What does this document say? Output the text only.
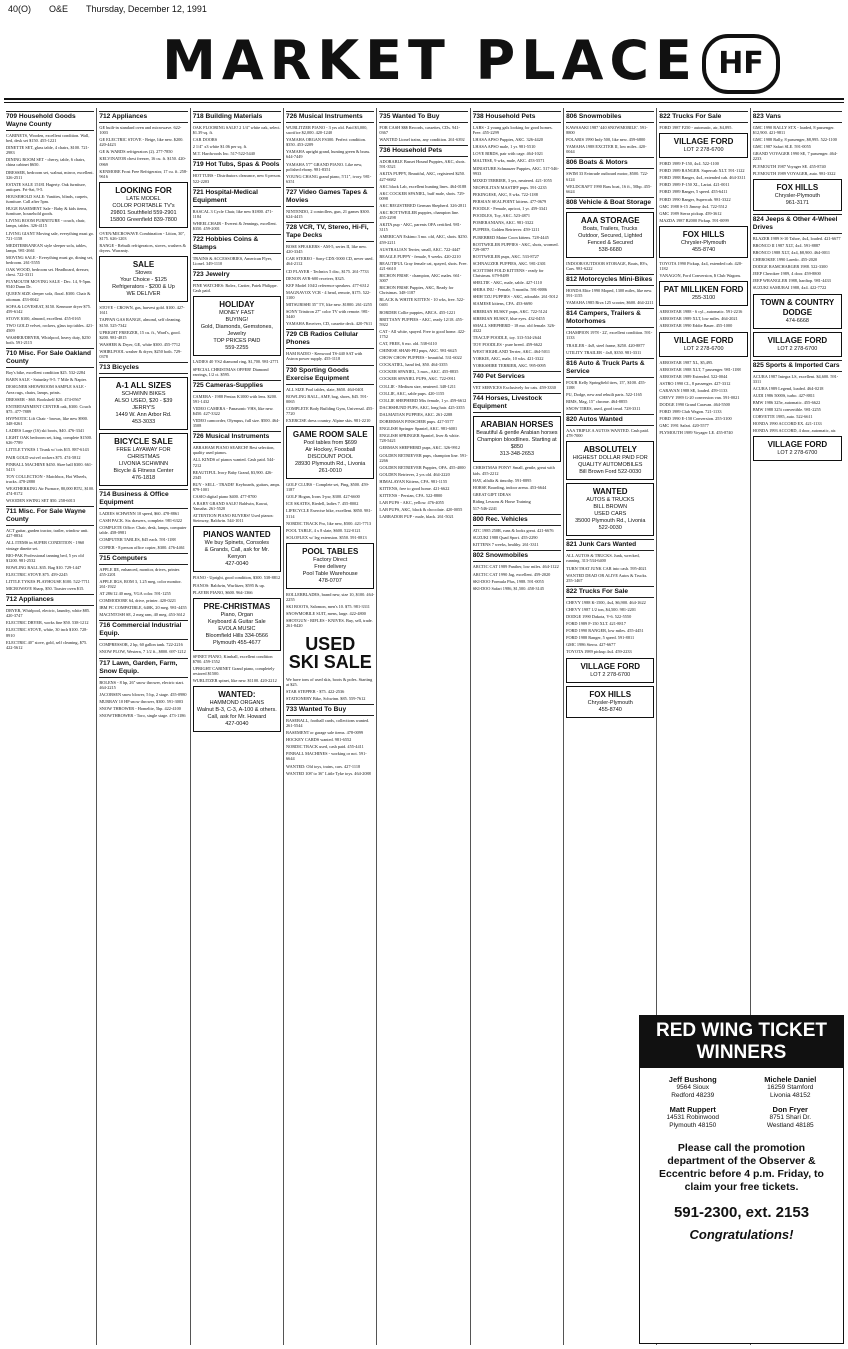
40(O) O&E Thursday, December 12, 1991
MARKET PLACE HF
709 Household Goods Wayne County
CABINETS, Wooden, excellent condition. Wall, bed, desk set $150. 455-1221
DINETTE SET, glass table, 4 chairs, $100. 721-2983
DINING ROOM SET - cherry, table, 6 chairs, china cabinet $650.
DRESSER, bedroom set, walnut, mirror, excellent. 326-2511
ESTATE SALE 15181 Hagerty. Oak furniture, antiques. Fri-Sat, 9-5.
HOUSEHOLD SALE: Vanities, blinds, carpets, furniture. Call after 5pm.
HUGE BASEMENT Sale - Baby & kids items, furniture, household goods.
LIVING ROOM FURNITURE - couch, chair, lamps, tables. 326-4115
LIVING GIANT Moving sale, everything must go. 721-1158
MEDITERRANEAN style sleeper sofa, tables, lamps. 981-2661
MOVING SALE - Everything must go, dining set, bedroom. 261-5555
OAK WOOD, bedroom set. Headboard, dresser, chest. 722-3311
PLYMOUTH MOVING SALE - Dec. 14, 9-5pm. 9540 Dunn Dr.
QUEEN SIZE sleeper sofa, floral. $300. Chair & ottoman. 453-0042
SOFA & LOVESEAT, $150. Kenmore dryer $75. 459-6142
STOVE $100, almond, excellent. 455-0165
TWO GOLD velvet, rockers, glass top tables. 421-4509
WASHER/DRYER, Whirlpool, heavy duty, $250 both. 591-2115
710 Misc. For Sale Oakland County
Boy's bike, excellent condition $25. 532-2284
BARN SALE - Saturday 9-5. 7 Mile & Napier.
DESIGNER SHOWROOM SAMPLE SALE - Area rugs, chairs, lamps, prints.
DRESSER - $60. Bookshelf $20. 474-0567
ENTERTAINMENT CENTER oak, $300. Couch $75. 477-7889
HYPNOTIC Lift Chair - brown, like new $900. 348-0261
LADIES Large (16) ski boots, $40. 476-3341
LIGHT OAK bedroom set, king, complete $1500. 626-7789
LITTLE TYKES 1 Trunk w/ tots $15. 887-6143
PAIR GOLD swivel rockers $75. 474-5812
PINBALL MACHINE $450. Skee ball $300. 661-5413
TOY COLLECTION - Matchbox, Hot Wheels, trucks. 478-2880
WEATHERKING Air Furnace, 80,000 BTU, $100. 474-8172
WOODEN SWING SET $50. 258-6013
711 Misc. For Sale Wayne County
ACT guitar, garden tractor, trailer, window unit. 427-8834
ALL ITEMS in SUPER CONDITION - 1960 vintage dinette set.
BIO-PAK Professional tanning bed, 5 yrs old $1200. 981-2532
BOWLING BALL $35. Bag $10. 729-1447
ELECTRIC STOVE $75. 459-2245
LITTLE TYKES PLAYHOUSE $100. 522-7711
MICROWAVE Sharp, $50. Toaster oven $15.
712 Appliances
DRYER, Whirlpool, electric, laundry, white $85. 420-3747
ELECTRIC DRYER, works fine $50. 538-1212
ELECTRIC STOVE, white, 30 inch $100. 728-8910
ELECTRIC 40" stove, gold, self cleaning, $75. 422-5612
712 Appliances
GE built-in standard oven and microwave. 622-1003
GE ELECTRIC STOVE - Beige, like new. $200. 420-4423
GE & WARDS refrigerators (2). 277-7850
KELVINATOR chest freezer, 16 cu. ft. $150. 420-0969
KENMORE Frost Free Refrigerator, 17 cu. ft. 258-9616
LOOKING FOR
LATE MODEL
COLOR PORTABLE TV's
29801 Southfield 559-2901
15800 Greenfield 839-7800
OVEN/MICROWAVE Combination - Litton, 30", $175. 626-1203
RANGE - Rebuilt refrigerators, stoves, washers & dryers. Warranty.
SALE
Stoves
Your Choice - $125
Refrigerators - $200 & Up
WE DELIVER
STOVE - CROWN, gas, harvest gold. $100. 427-1611
TAPPAN GAS RANGE, almond, self cleaning. $150. 525-7342
UPRIGHT FREEZER, 15 cu. ft., Ward's, good. $200. 981-4815
WASHER & Dryer, GE, white $300. 455-7712
WHIRLPOOL washer & dryer, $250 both. 729-0378
713 Bicycles
A-1 ALL SIZES
SCHWINN BIKES
ALSO USED, $20 - $39
JERRY'S
1449 W. Ann Arbor Rd.
453-3033
BICYCLE SALE
FREE LAYAWAY FOR CHRISTMAS
LIVONIA SCHWINN
Bicycle & Fitness Center
476-1818
714 Business & Office Equipment
LADIES SCHWINN 10 speed, $60. 478-8861
CASH PACK. Six drawers, complete. 981-6322
COMPLETE Office: Chair, desk, lamps, computer table. 458-0981
COMPUTER TABLES, $45 each. 591-1188
COPIER - 8 person office copier, $300. 476-4461
715 Computers
APPLE IIE, enhanced, monitor, drives, printer. 455-2201
APPLE IIGS, ROM 3, 1.25 meg, color monitor. 261-1922
AT 286/12 40 meg, VGA color. 591-1255
COMMODORE 64, drive, printer. 420-0221
IBM PC COMPATIBLE, 640K, 20 meg. 981-4455
MACINTOSH SE, 2 meg ram, 40 meg. 453-3612
716 Commercial Industrial Equip.
COMPRESSOR, 2 hp, 60 gallon tank. 722-2216
SNOW PLOW, Western, 7 1/2 ft., $800. 697-1212
717 Lawn, Garden, Farm, Snow Equip.
BOLENS - 8 hp, 26" snow thrower, electric start. 464-2215
JACOBSEN snow blower, 5 hp, 2 stage. 455-0980
MURRAY 10 HP snow thrower, $300. 591-3003
SNOW THROWER - Homelite, 5hp. 422-4100
SNOWTHROWER - Toro, single stage. 473-1186
718 Building Materials
OAK FLOORING SALE! 2 1/4" white oak, select. $1.39 sq. ft.
CAR DOORS
2 1/4" x3 white $1.06 per sq. ft.
M.T. Hardwoods Inc. 517-522-5440
719 Hot Tubs, Spas & Pools
HOT TUBS - Distributors clearance, new 6 person. 522-2203
721 Hospital-Medical Equipment
RASCAL 3 Cycle Chair, like new $1800. 471-1184
WHEELCHAIR - Everest & Jennings, excellent. $350. 459-2001
722 Hobbies Coins & Stamps
TRAINS & ACCESSORIES, American Flyer, Lionel. 349-1110
723 Jewelry
FINE WATCHES: Rolex, Cartier, Patek Philippe. Cash paid.
HOLIDAY
MONEY FAST
BUYING!
Gold, Diamonds, Gemstones, Jewelry
TOP PRICES PAID
559-2255
LADIES 40 VS2 diamond ring, $1,700. 981-2771
SPECIAL CHRISTMAS OFFER! Diamond earrings, 1/2 ct. $595.
725 Cameras-Supplies
CAMERA - 1988 Pentax K1000 with lens. $200. 591-1432
VIDEO CAMERA - Panasonic VHS, like new. $450. 427-3322
VIDEO camcorder, Olympus, full size. $500. 464-3508
726 Musical Instruments
ABRAHAM PIANO SEARCH! Best selection, quality used pianos.
ALL KINDS of pianos wanted. Cash paid. 544-7212
BEAUTIFUL Ivory Baby Grand, $3,900. 426-2345
BUY - SELL - TRADE! Keyboards, guitars, amps. 879-1001
CASIO digital piano $400. 477-8700
A BABY GRAND SALE! Baldwin, Kawai, Yamaha. 261-5520
ATTENTION PIANO BUYERS! Used pianos: Steinway, Baldwin. 544-1011
PIANOS WANTED
We buy Spinets, Consoles
& Grands, Call, ask for Mr. Kenyon
427-0040
PIANO - Upright, good condition, $300. 538-8812
PIANOS: Baldwin, Wurlitzer, $595 & up.
PLAYER PIANO, $600. 964-1366
PRE-CHRISTMAS
Piano, Organ
Keyboard & Guitar Sale
EVOLA MUSIC
Bloomfield Hills 334-0566
Plymouth 455-4677
SPINET PIANO, Kimball, excellent condition $700. 459-1552
UPRIGHT CABINET Grand piano, completely restored $1500.
WURLITZER spinet, like new. $1100. 420-2212
WANTED:
HAMMOND ORGANS
Walnut B-3, C-3, A-100 & others. Call, ask for Mr. Howard
427-0040
726 Musical Instruments
WURLITZER PIANO - 3 yrs old. Paid $3,000, sacrifice $2,000. 420-1240
YAMAHA ORGAN FS300. Perfect condition. $350. 453-2209
YAMAHA upright grand, hunting green & brass. 644-7449
YAMAHA 5'7" GRAND PIANO. Like new, polished ebony. 981-8351
YOUNG CHANG grand piano, 5'11", ivory. 981-6351
727 Video Games Tapes & Movies
NINTENDO, 2 controllers, gun, 21 games $300. 624-4415
728 VCR, TV, Stereo, Hi-Fi, Tape Decks
BOSE SPEAKERS - AM-5, series II, like new. 420-3345
CAR STEREO - Sony CDX-5000 CD, never used. 464-2112
CD PLAYER - Technics 5 disc, $175. 261-7733
DENON AVR-600 receiver, $325.
KEF Model 104/2 reference speakers. 477-6312
MAGNAVOX VCR - 4 head, remote, $175. 522-1100
MITSUBISHI 35" TV, like new. $1800. 261-2255
SONY Trinitron 27" color TV with remote. 981-3440
YAMAHA Receiver, CD, cassette deck. 420-7611
729 CB Radios Cellular Phones
HAM RADIO - Kenwood TS-440 SAT with Astron power supply. 455-1118
730 Sporting Goods Exercise Equipment
ALL SIZE Pool tables, slate, $650. 464-0401
BOWLING BALL, AMF, bag, shoes, $45. 591-0065
COMPLETE Body Building Gym, Universal. 455-7720
EXERCISE dress country. Alpine skis. 981-2210
GAME ROOM SALE
Pool tables from $699
Air Hockey, Foosball
DISCOUNT POOL
28930 Plymouth Rd., Livonia
261-0010
GOLF CLUBS - Complete set, Ping, $500. 459-1187
GOLF Hogan, Irons 3-pw, $300. 427-6600
ICE SKATES, Riedell, ladies 7. 455-8002
LIFECYCLE Exercise bike, excellent. $850. 981-3114
NORDIC TRACK Pro, like new, $500. 421-7713
POOL TABLE, 4 x 8 slate, $600. 522-0121
SOLOFLEX w/ leg extension. $550. 591-8813
POOL TABLES
Factory Direct
Free delivery
Pool Table Warehouse
478-0707
ROLLERBLADES, brand new, size 10, $100. 464-2255
SKI BOOTS, Salomon, men's 10. $75. 981-3311
SNOWMOBILE SUIT, mens, large. 422-4800
SHOTGUN - RIFLES - KNIVES. Buy, sell, trade. 261-8420
USED
SKI SALE
We have tons of used skis, boots & poles. Starting at $25.
STAR STEPPER - $75. 422-2536
STATIONERY Bike, Schwinn. $85. 559-7612
733 Wanted To Buy
BASEBALL, football cards, collections wanted. 261-5544
BASEMENT or garage sale items. 478-0099
HOCKEY CARDS wanted. 981-6552
NORDIC TRACK used, cash paid. 455-4411
PINBALL MACHINES - working or not. 591-6644
WANTED: Old toys, trains, cars. 427-1118
WANTED 108' to 36" Little Tyke toys. 464-2088
735 Wanted To Buy
FOR CASH $$$ Records, cassettes, CDs. 941-0367
WANTED Lionel trains, any condition. 261-6392
736 Household Pets
ADORABLE Basset Hound Puppies, AKC, shots. 591-3521
AKITA PUPPY, Beautiful, AKC, registered $250. 427-6682
AKC black Lab, excellent hunting lines. 464-0188
AKC COCKER SPANIEL, buff male, shots. 729-0098
AKC REGISTERED German Shepherd. 326-2811
AKC ROTTWEILER puppies, champion line. 455-2298
AKITA pup - AKC, parents OFA certified. 981-3115
AMERICAN Eskimo 3 mo. old, AKC, shots. $250. 459-2211
AUSTRALIAN Terrier, small, AKC. 722-4447
BEAGLE PUPPY - female, 9 weeks. 420-2210
BEAUTIFUL Gray female cat, spayed, shots. Free. 421-6610
BICHON FRISE - champion, AKC males. 661-3007
BICHON FRISE Puppies, AKC, Ready for Christmas. 348-1187
BLACK & WHITE KITTEN - 10 wks, free. 522-0401
BORDER Collie puppies, ABCA. 455-1221
BRITTANY PUPPIES - AKC, ready 12/18. 455-5922
CAT - All white, spayed. Free to good home. 422-1752
CAT, FREE, 6 mo. old. 538-6110
CHINESE SHAR-PEI pups, AKC. 981-6625
CHOW CHOW PUPPIES - beautiful. 531-6022
COCKATIEL, hand fed, $50. 464-3355
COCKER SPANIEL, 3 mos., AKC. 455-8835
COCKER SPANIEL PUPS, AKC. 722-0911
COLLIE - Medium size, neutered. 348-1211
COLLIE, AKC, sable pups. 420-1155
COLLIE SHEPHERD Mix female, 1 yr. 459-6612
DACHSHUND PUPS, AKC, long hair. 425-3355
DALMATIAN PUPPIES, AKC. 261-2288
DOBERMAN PINSCHER pups. 427-5577
ENGLISH Springer Spaniel, AKC. 981-6001
ENGLISH SPRINGER Spaniel, liver & white. 728-5421
GERMAN SHEPHERD pups, AKC. 326-9912
GOLDEN RETRIEVER pups, champion line. 591-2266
GOLDEN RETRIEVER Puppies, OFA. 455-4000
GOLDEN Retriever, 2 yrs old. 464-2220
HIMALAYAN Kittens, CFA. 981-1155
KITTENS, free to good home. 421-6622
KITTENS - Persian, CFA. 522-8800
LAB PUPS - AKC, yellow. 476-4055
LAB PUPS, AKC, black & chocolate. 420-0055
LABRADOR PUP - male, black. 261-5021
738 Household Pets
LABS - 2 young gals looking for good homes. Free. 455-2299
LHASA APSO Puppies, AKC. 326-4420
LHASA APSO male, 1 yr. 981-5510
LOVE BIRDS, pair with cage. 464-1021
MALTESE, 9 wks, male, AKC. 453-5571
MINIATURE Schnauzer Puppies, AKC. 517-546-9933
MIXED TERRIER, 3 yrs, neutered. 421-1055
NEOPOLITAN MASTIFF pups. 591-2235
PEKINGESE, AKC, 8 wks. 722-1188
PERSIAN SEALPOINT kittens. 477-0679
POODLE - Female, apricot, 1 yr. 459-3341
POODLES, Toy, AKC. 523-4871
POMERANIANS, AKC. 981-3322
PUPPIES, Golden Retriever. 459-1211
PUREBRED Maine Coon kittens. 728-4445
ROTTWEILER PUPPIES - AKC, shots, wormed. 729-0877
ROTTWEILER pups, AKC. 533-8727
SCHNAUZER PUPPIES, AKC. 981-2301
SCOTTISH FOLD KITTENS - ready for Christmas. 679-8489
SHELTIE - AKC, male, sable. 427-1110
SHIBA INU - Female, 5 months. 591-8886
SHIH TZU PUPPIES - AKC, adorable. 261-5012
SIAMESE kittens, CFA. 453-6690
SIBERIAN HUSKY pups, AKC. 722-5124
SIBERIAN HUSKY, blue eyes. 432-0455
SMALL SHEPHERD - 18 mo. old female. 326-4322
TEACUP POODLE, toy. 313-534-2644
TOY POODLES - pure breed. 459-6622
WEST HIGHLAND Terrier, AKC. 464-5011
YORKIE, AKC, male, 10 wks. 421-3322
YORKSHIRE TERRIER, AKC. 995-0095
740 Pet Services
VET SERVICES Exclusively for cats. 459-3330
744 Horses, Livestock Equipment
ARABIAN HORSES
Beautiful & gentle Arabian horses
Champion bloodlines. Starting at $850
313-348-2653
CHRISTMAS PONY! Small, gentle, great with kids. 455-2212
HAY, alfalfa & timothy. 591-8895
HORSE Boarding, indoor arena. 453-6644
GREAT GIFT IDEAS
Riding Lessons & Horse Training
517-546-2241
800 Rec. Vehicles
ATC 1985 250R, runs & looks great. 421-6676
SUZUKI 1988 Quad Sport. 455-2290
KITTENS 7 weeks, healthy. 261-3311
802 Snowmobiles
ARCTIC CAT 1989 Panther, low miles. 464-1122
ARCTIC CAT 1990 Jag, excellent. 459-2020
SKI-DOO Formula Plus, 1988. 591-0055
SKI-DOO Safari 1986, $1,500. 458-3145
806 Snowmobiles
KAWASAKI 1987 '440 SNOWMOBILE'. 591-8800
POLARIS 1990 Indy 500, like new. 459-6800
YAMAHA 1988 EXCITER II, low miles. 420-0044
806 Boats & Motors
SWIM 33 Evinrude outboard motor, $500. 722-6124
WELDCRAFT 1990 Bass boat, 16 ft., 50hp. 455-6624
808 Vehicle & Boat Storage
AAA STORAGE
Boats, Trailers, Trucks
Outdoor, Secured, Lighted
Fenced & Secured
538-6680
INDOOR/OUTDOOR STORAGE, Boats, RVs, Cars. 981-6222
812 Motorcycles Mini-Bikes
HONDA Elite 1990 Moped, 1300 miles, like new. 591-1155
YAMAHA 1985 Riva 125 scooter, $600. 464-2211
814 Campers, Trailers & Motorhomes
CHAMPION 1978 - 22', excellent condition. 591-1133
TRAILER - 4x8, steel frame, $250. 420-8877
UTILITY TRAILER - 4x8, $350. 981-3311
816 Auto & Truck Parts & Service
FOUR Kelly Springfield tires, 15", $100. 455-1188
PU, Dodge, new and rebuilt parts. 522-1165
RIMS, Mag, 15" chrome. 464-8855
SNOW TIRES, used, good tread. 728-3311
820 Autos Wanted
AAA TRIPLE A AUTOS WANTED. Cash paid. 478-7000
ABSOLUTELY
HIGHEST DOLLAR PAID FOR
QUALITY AUTOMOBILES
Bill Brown Ford 522-0030
WANTED
AUTOS & TRUCKS
BILL BROWN
USED CARS
35000 Plymouth Rd., Livonia
522-0030
821 Junk Cars Wanted
ALL AUTOS & TRUCKS. Junk, wrecked, running. 313-534-6400
TURN THAT JUNK CAR into cash. 595-4021
WANTED DEAD OR ALIVE Autos & Trucks. 255-1467
822 Trucks For Sale
CHEVY 1988 K-1500, 4x4, $6,900. 464-1622
CHEVY 1987 1/2 ton, $4,500. 981-2201
DODGE 1990 Dakota, V-6. 522-5550
FORD 1989 F-150 XLT. 421-8817
FORD 1990 RANGER, low miles. 455-4451
FORD 1988 Ranger, 5 speed. 591-8811
GMC 1986 Sierra. 427-6677
TOYOTA 1989 pickup 4x4. 459-2233
VILLAGE FORD
LOT 2 278-6700
FOX HILLS
Chrysler-Plymouth
455-8740
822 Trucks For Sale
FORD 1987 F250 - automatic, air, $4,895.
VILLAGE FORD
LOT 2 278-6700
FORD 1989 F-150, 4x4. 522-1100
FORD 1989 RANGER. Supercab XLT. 591-1122
FORD 1988 Ranger, 4x4, extended cab. 464-3311
FORD 1989 F-150 XL, Lariat. 421-0011
FORD 1989 Ranger, 5 speed. 455-6411
FORD 1990 Ranger, Supercab. 981-3322
GMC 1988 S-15 Jimmy 4x4. 722-5512
GMC 1989 Sierra pickup. 459-3612
MAZDA 1987 B2000 Pickup. 591-0099
FOX HILLS
Chrysler-Plymouth
455-8740
TOYOTA 1990 Pickup, 4x4, extended cab. 420-1182
VANAGON, Ford Conversion, $ Club Wagons.
PAT MILLIKEN FORD
255-3100
AEROSTAR 1988 - 6 cyl., automatic. 591-2216
AEROSTAR 1989 XLT, low miles. 464-2021
AEROSTAR 1990 Eddie Bauer. 455-1000
VILLAGE FORD
LOT 2 278-6700
AEROSTAR 1987 XL, $5,495.
AEROSTAR 1988 XLT, 7 passenger. 981-1188
AEROSTAR 1989 Extended. 522-0044
ASTRO 1990 CL, 8 passenger. 427-3312
CARAVAN 1988 SE, loaded. 459-1133
CHEVY 1989 G-20 conversion van. 591-0021
DODGE 1990 Grand Caravan. 464-5500
FORD 1989 Club Wagon. 721-1133
FORD 1990 E-150 Conversion. 255-3100
GMC 1991 Safari. 420-5577
PLYMOUTH 1989 Voyager LE. 455-8740
823 Vans
GMC 1990 RALLY STX - loaded, 8 passenger. $12,900. 421-9811
GMC 1988 Rally, 8 passenger, $8,995. 522-1100
GMC 1987 Safari SLE. 591-0055
GRAND VOYAGER 1990 SE, 7 passenger. 464-2233
PLYMOUTH 1987 Voyager SE. 455-8740
PLYMOUTH 1989 VOYAGER, auto. 981-3322
FOX HILLS
Chrysler-Plymouth
961-3171
824 Jeeps & Other 4-Wheel Drives
BLAZER 1989 S-10 Tahoe, 4x4, loaded. 421-6677
BRONCO II 1987 XLT, 4x4. 591-8887
BRONCO 1988 XLT, 4x4, $8,900. 464-0011
CHEROKEE 1990 Laredo. 455-2020
DODGE RAMCHARGER 1988. 522-3300
JEEP Cherokee 1989, 4 door. 459-8800
JEEP WRANGLER 1988, hardtop. 981-4433
SUZUKI SAMURAI 1988, 4x4. 422-7722
TOWN & COUNTRY DODGE
474-6668
VILLAGE FORD
LOT 2 278-6700
825 Sports & Imported Cars
ACURA 1987 Integra LS, excellent. $4,600. 591-3311
ACURA 1989 Legend, loaded. 464-0218
AUDI 1986 5000S, turbo. 427-8811
BMW 1986 325e, automatic. 455-6622
BMW 1988 325i convertible. 981-2255
CORVETTE 1985, auto. 522-6611
HONDA 1990 ACCORD EX. 421-1133
HONDA 1993 ACCORD, 4 door, automatic, air.
VILLAGE FORD
LOT 2 278-6700
RED WING TICKET WINNERS
Jeff Bushong
9564 Sioux
Redford 48239
Michele Daniel
16259 Stamford
Livonia 48152
Matt Ruppert
14531 Robinwood
Plymouth 48150
Don Fryer
8751 Shari Dr.
Westland 48185
Please call the promotion department of the Observer & Eccentric before 4 p.m. Friday, to claim your free tickets.
591-2300, ext. 2153
Congratulations!
